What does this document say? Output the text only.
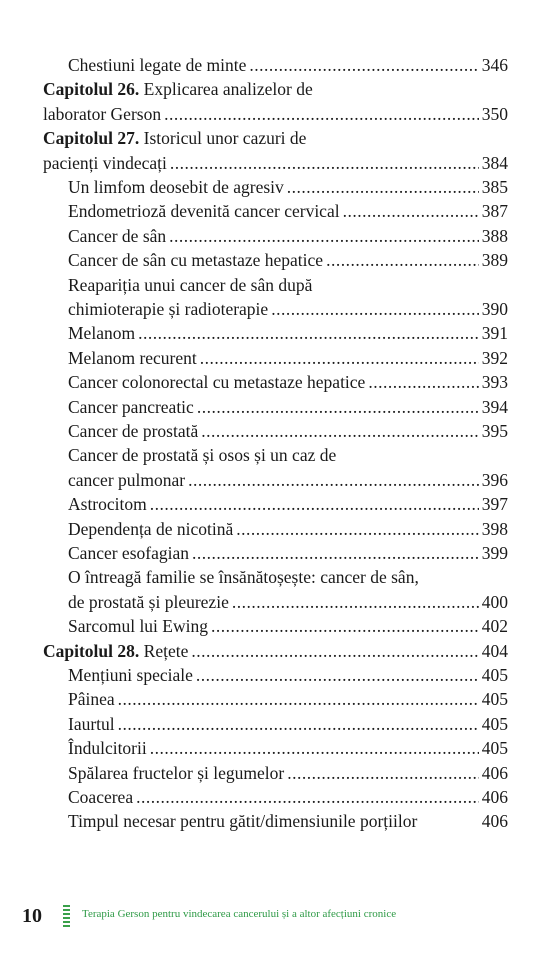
Chestiuni legate de minte .....	346
Capitolul 26. Explicarea analizelor de
laborator Gerson .....	350
Capitolul 27. Istoricul unor cazuri de
pacienți vindecați .....	384
Un limfom deosebit de agresiv .....	385
Endometrioză devenită cancer cervical .....	387
Cancer de sân .....	388
Cancer de sân cu metastaze hepatice .....	389
Reapariția unui cancer de sân după
chimioterapie și radioterapie .....	390
Melanom .....	391
Melanom recurent .....	392
Cancer colonorectal cu metastaze hepatice .....	393
Cancer pancreatic .....	394
Cancer de prostată .....	395
Cancer de prostată și osos și un caz de
cancer pulmonar .....	396
Astrocitom .....	397
Dependența de nicotină .....	398
Cancer esofagian .....	399
O întreagă familie se însănătoșește: cancer de sân,
de prostată și pleurezie .....	400
Sarcomul lui Ewing .....	402
Capitolul 28. Rețete .....	404
Mențiuni speciale .....	405
Pâinea .....	405
Iaurtul .....	405
Îndulcitorii .....	405
Spălarea fructelor și legumelor .....	406
Coacerea .....	406
Timpul necesar pentru gătit/dimensiunile porțiilor	406
10	Terapia Gerson pentru vindecarea cancerului și a altor afecțiuni cronice
